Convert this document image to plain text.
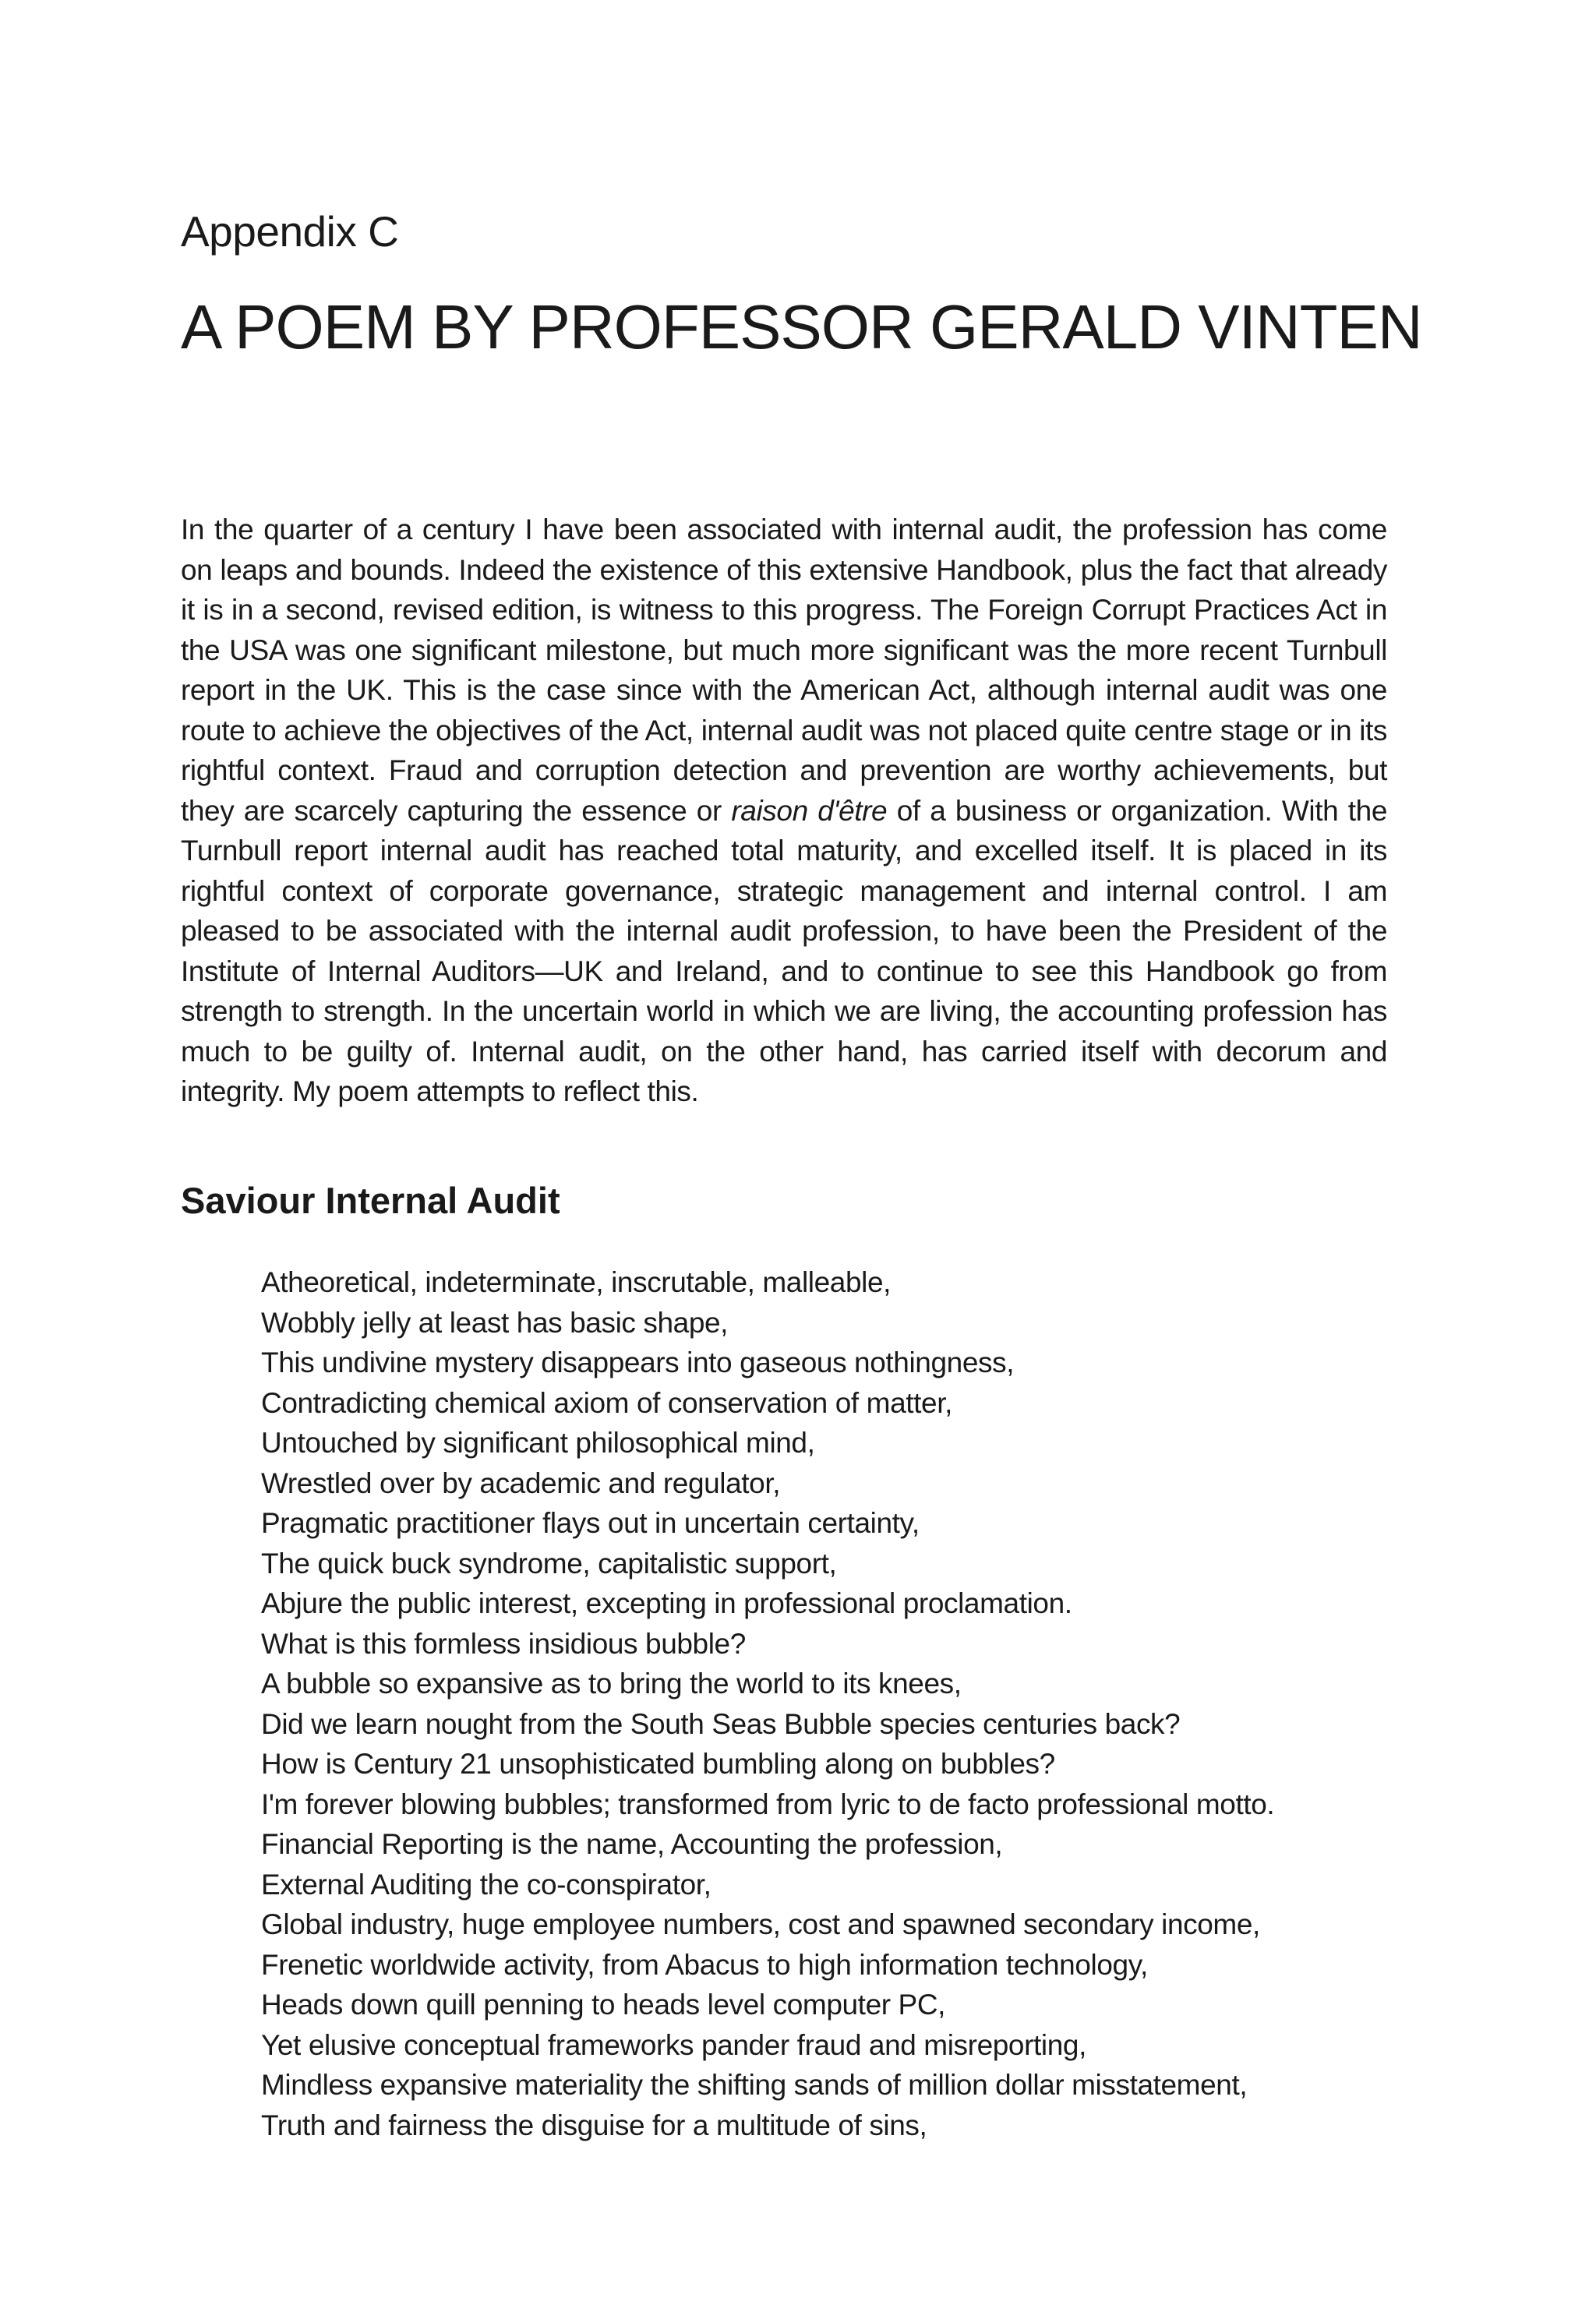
Appendix C
A POEM BY PROFESSOR GERALD VINTEN

In the quarter of a century I have been associated with internal audit, the profession has come on leaps and bounds. Indeed the existence of this extensive Handbook, plus the fact that already it is in a second, revised edition, is witness to this progress. The Foreign Corrupt Practices Act in the USA was one significant milestone, but much more significant was the more recent Turnbull report in the UK. This is the case since with the American Act, although internal audit was one route to achieve the objectives of the Act, internal audit was not placed quite centre stage or in its rightful context. Fraud and corruption detection and prevention are worthy achievements, but they are scarcely capturing the essence or raison d'être of a business or organization. With the Turnbull report internal audit has reached total maturity, and excelled itself. It is placed in its rightful context of corporate governance, strategic management and internal control. I am pleased to be associated with the internal audit profession, to have been the President of the Institute of Internal Auditors—UK and Ireland, and to continue to see this Handbook go from strength to strength. In the uncertain world in which we are living, the accounting profession has much to be guilty of. Internal audit, on the other hand, has carried itself with decorum and integrity. My poem attempts to reflect this.

Saviour Internal Audit
Atheoretical, indeterminate, inscrutable, malleable,
Wobbly jelly at least has basic shape,
This undivine mystery disappears into gaseous nothingness,
Contradicting chemical axiom of conservation of matter,
Untouched by significant philosophical mind,
Wrestled over by academic and regulator,
Pragmatic practitioner flays out in uncertain certainty,
The quick buck syndrome, capitalistic support,
Abjure the public interest, excepting in professional proclamation.
What is this formless insidious bubble?
A bubble so expansive as to bring the world to its knees,
Did we learn nought from the South Seas Bubble species centuries back?
How is Century 21 unsophisticated bumbling along on bubbles?
I'm forever blowing bubbles; transformed from lyric to de facto professional motto.
Financial Reporting is the name, Accounting the profession,
External Auditing the co-conspirator,
Global industry, huge employee numbers, cost and spawned secondary income,
Frenetic worldwide activity, from Abacus to high information technology,
Heads down quill penning to heads level computer PC,
Yet elusive conceptual frameworks pander fraud and misreporting,
Mindless expansive materiality the shifting sands of million dollar misstatement,
Truth and fairness the disguise for a multitude of sins,
